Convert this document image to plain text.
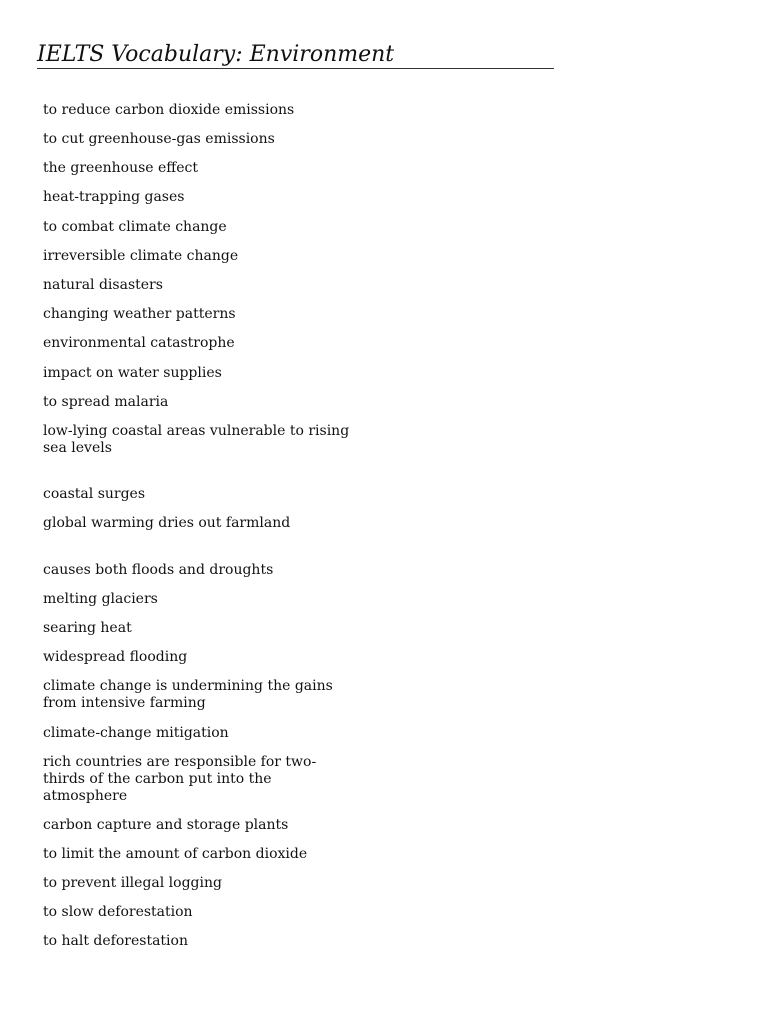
IELTS Vocabulary: Environment
to reduce carbon dioxide emissions
to cut greenhouse-gas emissions
the greenhouse effect
heat-trapping gases
to combat climate change
irreversible climate change
natural disasters
changing weather patterns
environmental catastrophe
impact on water supplies
to spread malaria
low-lying coastal areas vulnerable to rising sea levels
coastal surges
global warming dries out farmland
causes both floods and droughts
melting glaciers
searing heat
widespread flooding
climate change is undermining the gains from intensive farming
climate-change mitigation
rich countries are responsible for two-thirds of the carbon put into the atmosphere
carbon capture and storage plants
to limit the amount of carbon dioxide
to prevent illegal logging
to slow deforestation
to halt deforestation
